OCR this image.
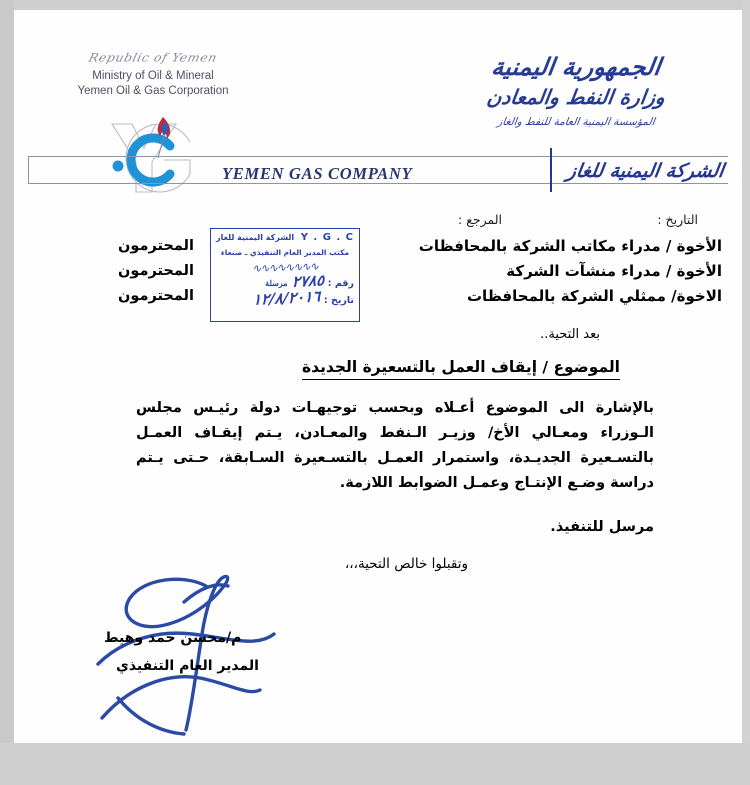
Republic of Yemen
Ministry of Oil & Mineral
Yemen Oil & Gas Corporation
الجمهورية اليمنية
وزارة النفط والمعادن
المؤسسة اليمنية العامة للنفط والغاز
YEMEN GAS COMPANY	الشركة اليمنية للغاز
التاريخ :
المرجع :
الأخوة / مدراء مكاتب الشركة بالمحافظات
الأخوة / مدراء منشآت الشركة
الاخوة/ ممثلي الشركة بالمحافظات
المحترمون
المحترمون
المحترمون
بعد التحية..
Y . G . C
الشركة اليمنية للغاز
مكتب المدير العام التنفيذي ـ صنعاء
∿∿∿∿∿∿∿∿
رقم :
٢٧٨٥
مرسلة
تاريخ :
١٢/٨/٢٠١٦
الموضوع / إيقاف العمل بالتسعيرة الجديدة
بالإشارة الى الموضوع أعـلاه وبحسب توجيهـات دولة رئيـس مجلس الـوزراء ومعـالي الأخ/ وزيـر الـنفط والمعـادن، يـتم إيقـاف العمـل بالتسـعيرة الجديـدة، واستمرار العمـل بالتسـعيرة السـابقة، حـتى يـتم دراسة وضـع الإنتـاج وعمـل الضوابط اللازمة.
مرسل للتنفيذ.
وتقبلوا خالص التحية،،،
م/محسن حمد وهيط
المدير العام التنفيذي
